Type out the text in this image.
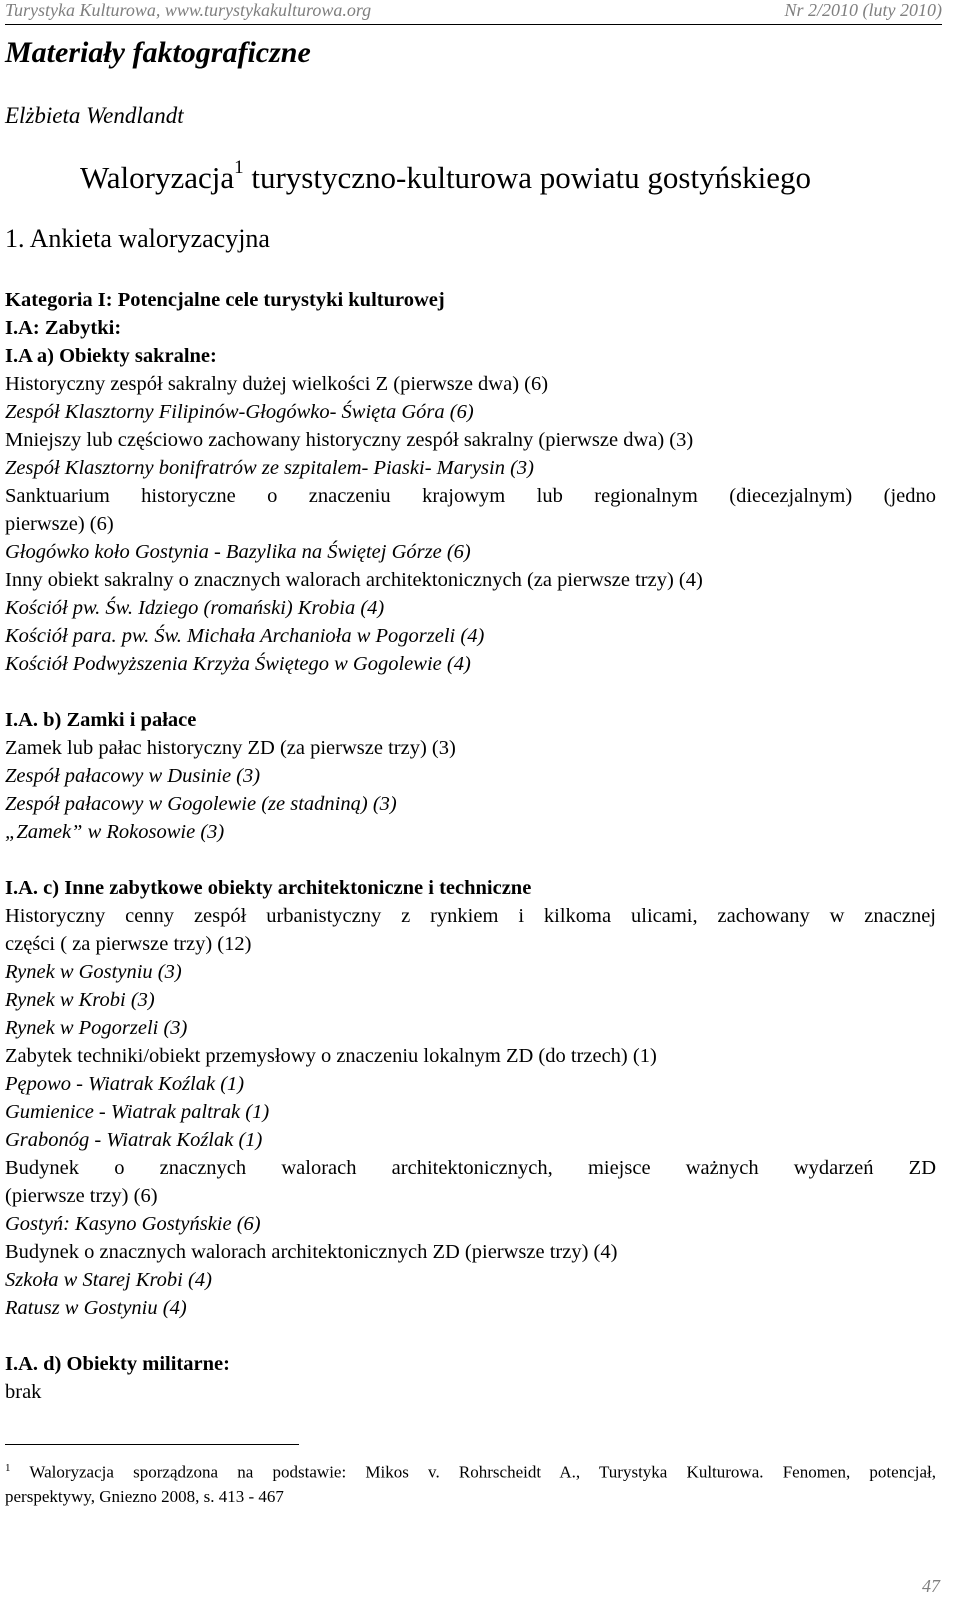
Turystyka Kulturowa, www.turystykakulturowa.org	Nr 2/2010 (luty 2010)
Materiały faktograficzne
Elżbieta Wendlandt
Waloryzacja$^1$ turystyczno-kulturowa powiatu gostyńskiego
1. Ankieta waloryzacyjna

Kategoria I: Potencjalne cele turystyki kulturowej

I.A: Zabytki:

I.A a) Obiekty sakralne:

Historyczny zespół sakralny dużej wielkości Z (pierwsze dwa) (6)

Zespół Klasztorny Filipinów-Głogówko- Święta Góra (6)

Mniejszy lub częściowo zachowany historyczny zespół sakralny (pierwsze dwa) (3)

Zespół Klasztorny bonifratrów ze szpitalem- Piaski- Marysin (3)

Sanktuarium historyczne o znaczeniu krajowym lub regionalnym (diecezjalnym) (jedno

pierwsze) (6)

Głogówko koło Gostynia - Bazylika na Świętej Górze (6)

Inny obiekt sakralny o znacznych walorach architektonicznych (za pierwsze trzy) (4)

Kościół pw. Św. Idziego (romański) Krobia (4)

Kościół para. pw. Św. Michała Archanioła w Pogorzeli (4)

Kościół Podwyższenia Krzyża Świętego w Gogolewie (4)

I.A. b) Zamki i pałace

Zamek lub pałac historyczny ZD (za pierwsze trzy) (3)

Zespół pałacowy w Dusinie (3)

Zespół pałacowy w Gogolewie (ze stadniną) (3)

„Zamek” w Rokosowie (3)

I.A. c) Inne zabytkowe obiekty architektoniczne i techniczne

Historyczny cenny zespół urbanistyczny z rynkiem i kilkoma ulicami, zachowany w znacznej

części ( za pierwsze trzy) (12)

Rynek w Gostyniu (3)

Rynek w Krobi (3)

Rynek w Pogorzeli (3)

Zabytek techniki/obiekt przemysłowy o znaczeniu lokalnym ZD (do trzech) (1)

Pępowo - Wiatrak Koźlak (1)

Gumienice - Wiatrak paltrak (1)

Grabonóg - Wiatrak Koźlak (1)

Budynek o znacznych walorach architektonicznych, miejsce ważnych wydarzeń ZD

(pierwsze trzy) (6)

Gostyń: Kasyno Gostyńskie (6)

Budynek o znacznych walorach architektonicznych ZD (pierwsze trzy) (4)

Szkoła w Starej Krobi (4)

Ratusz w Gostyniu (4)

I.A. d) Obiekty militarne:

brak

$^1$ Waloryzacja sporządzona na podstawie: Mikos v. Rohrscheidt A., Turystyka Kulturowa. Fenomen, potencjał,

perspektywy, Gniezno 2008, s. 413 - 467

47
